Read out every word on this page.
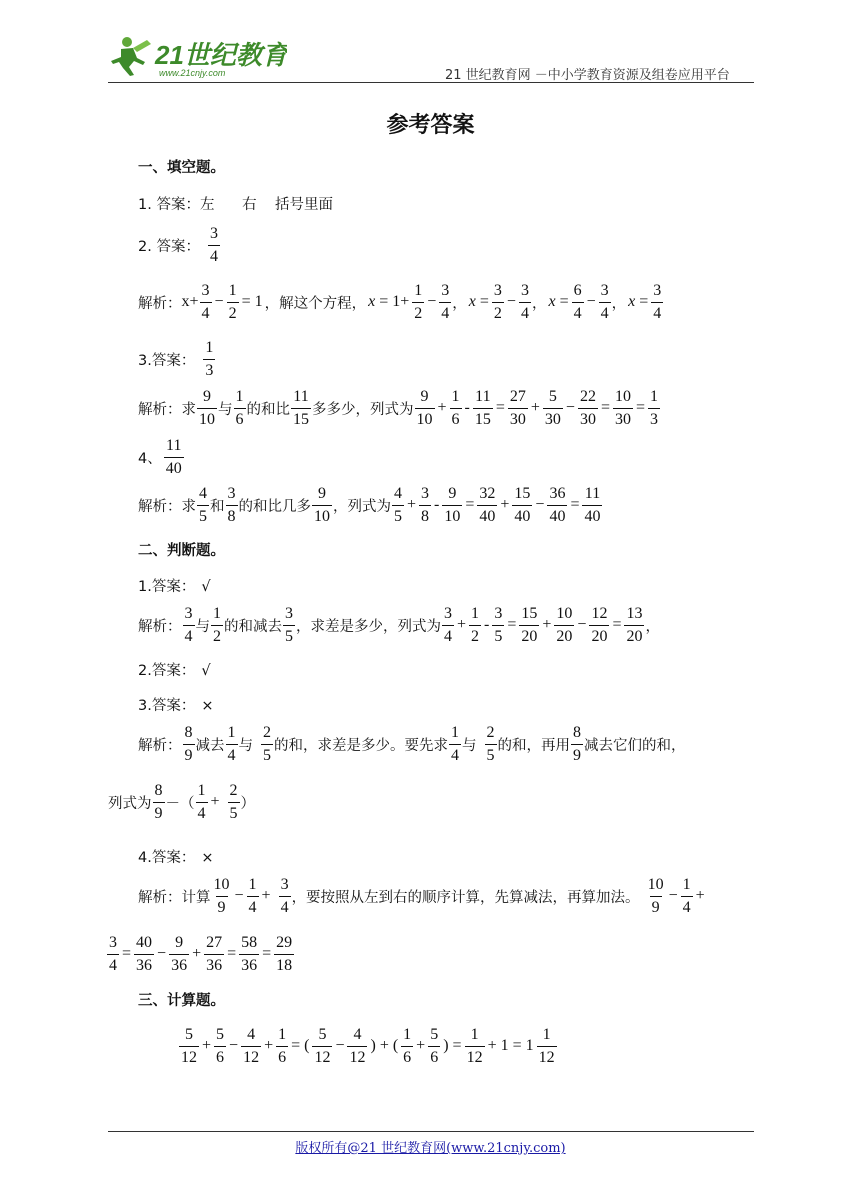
21世纪教育
www.21cnjy.com	21 世纪教育网 －中小学教育资源及组卷应用平台
参考答案
一、填空题。
1. 答案：左      右    括号里面
2. 答案： $\frac{3}{4}$
解析： $x+ \frac{3}{4} - \frac{1}{2} = 1$ ，解这个方程， $x = 1+ \frac{1}{2} - \frac{3}{4}$ ， $x = \frac{3}{2} - \frac{3}{4}$ ， $x = \frac{6}{4} - \frac{3}{4}$ ， $x = \frac{3}{4}$
3.答案： $\frac{1}{3}$
解析：求 $\frac{9}{10}$ 与 $\frac{1}{6}$ 的和比 $\frac{11}{15}$ 多多少，列式为 $\frac{9}{10} + \frac{1}{6} - \frac{11}{15} = \frac{27}{30} + \frac{5}{30} - \frac{22}{30} = \frac{10}{30} = \frac{1}{3}$
4、 $\frac{11}{40}$
解析：求 $\frac{4}{5}$ 和 $\frac{3}{8}$ 的和比几多 $\frac{9}{10}$ ，列式为 $\frac{4}{5} + \frac{3}{8} - \frac{9}{10} = \frac{32}{40} + \frac{15}{40} - \frac{36}{40} = \frac{11}{40}$
二、判断题。
1.答案： √
解析： $\frac{3}{4}$ 与 $\frac{1}{2}$ 的和减去 $\frac{3}{5}$ ，求差是多少，列式为 $\frac{3}{4} + \frac{1}{2} - \frac{3}{5} = \frac{15}{20} + \frac{10}{20} - \frac{12}{20} = \frac{13}{20}$ ，
2.答案： √
3.答案： ×
解析： $\frac{8}{9}$ 减去 $\frac{1}{4}$ 与 $\frac{2}{5}$ 的和，求差是多少。要先求 $\frac{1}{4}$ 与 $\frac{2}{5}$ 的和，再用 $\frac{8}{9}$ 减去它们的和，
列式为 $\frac{8}{9}$ －（ $\frac{1}{4} + \frac{2}{5}$ ）
4.答案： ×
解析：计算 $\frac{10}{9} - \frac{1}{4} + \frac{3}{4}$ ，要按照从左到右的顺序计算，先算减法，再算加法。 $\frac{10}{9} - \frac{1}{4}$ +
$\frac{3}{4} = \frac{40}{36} - \frac{9}{36} + \frac{27}{36} = \frac{58}{36} = \frac{29}{18}$
三、计算题。
$\frac{5}{12} + \frac{5}{6} - \frac{4}{12} + \frac{1}{6}$ = ( $\frac{5}{12} - \frac{4}{12}$ ) + ( $\frac{1}{6} + \frac{5}{6}$ ) = $\frac{1}{12} + 1 = 1 \frac{1}{12}$
版权所有@21 世纪教育网(www.21cnjy.com)
